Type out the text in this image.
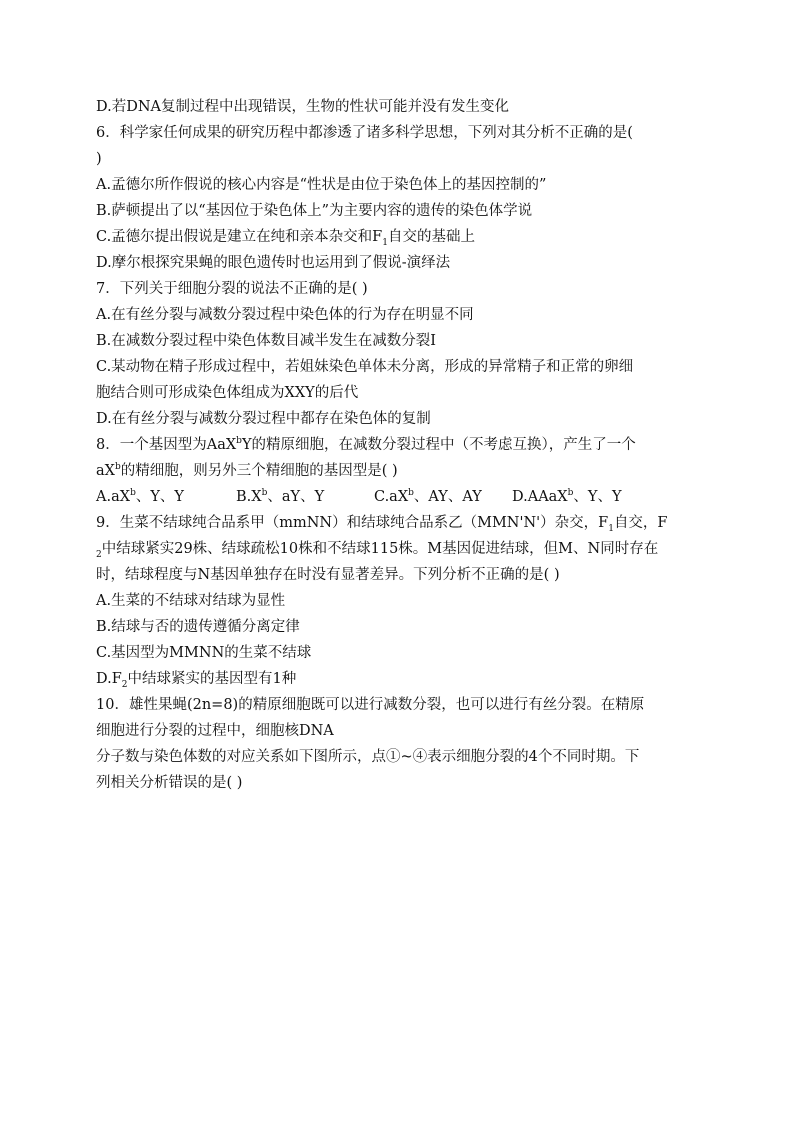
D.若DNA复制过程中出现错误，生物的性状可能并没有发生变化
6．科学家任何成果的研究历程中都渗透了诸多科学思想，下列对其分析不正确的是(
)
A.孟德尔所作假说的核心内容是“性状是由位于染色体上的基因控制的”
B.萨顿提出了以“基因位于染色体上”为主要内容的遗传的染色体学说
C.孟德尔提出假说是建立在纯和亲本杂交和$F_1$自交的基础上
D.摩尔根探究果蝇的眼色遗传时也运用到了假说-演绎法
7．下列关于细胞分裂的说法不正确的是( )
A.在有丝分裂与减数分裂过程中染色体的行为存在明显不同
B.在减数分裂过程中染色体数目减半发生在减数分裂I
C.某动物在精子形成过程中，若姐妹染色单体未分离，形成的异常精子和正常的卵细
胞结合则可形成染色体组成为XXY的后代
D.在有丝分裂与减数分裂过程中都存在染色体的复制
8．一个基因型为AaX$^b$Y的精原细胞，在减数分裂过程中（不考虑互换），产生了一个
$aX^b$的精细胞，则另外三个精细胞的基因型是( )
$A.aX^b$、Y、Y	$B.X^b$、aY、Y	$C.aX^b$、AY、AY	D.AAaX$^b$、Y、Y
9．生菜不结球纯合品系甲（mmNN）和结球纯合品系乙（MMN'N'）杂交，$F_1$自交，F
$_2$中结球紧实29株、结球疏松10株和不结球115株。M基因促进结球，但M、N同时存在
时，结球程度与N基因单独存在时没有显著差异。下列分析不正确的是( )
A.生菜的不结球对结球为显性
B.结球与否的遗传遵循分离定律
C.基因型为MMNN的生菜不结球
$D.F_2$中结球紧实的基因型有1种
10．雄性果蝇(2n=8)的精原细胞既可以进行减数分裂，也可以进行有丝分裂。在精原
细胞进行分裂的过程中，细胞核DNA
分子数与染色体数的对应关系如下图所示，点①~④表示细胞分裂的4个不同时期。下
列相关分析错误的是( )
